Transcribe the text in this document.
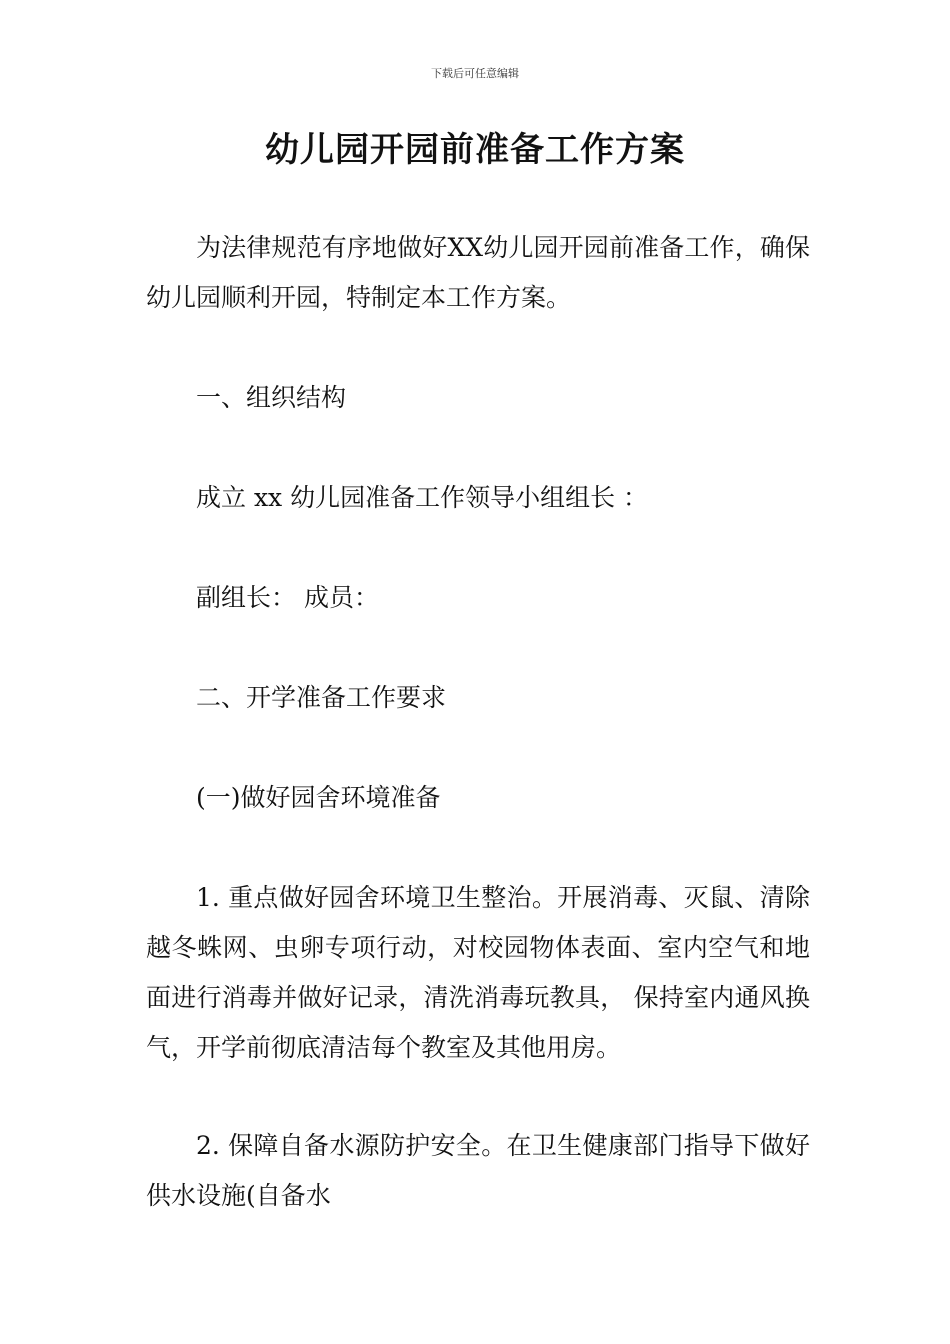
下载后可任意编辑
幼儿园开园前准备工作方案

为法律规范有序地做好XX幼儿园开园前准备工作，确保幼儿园顺利开园，特制定本工作方案。

一、组织结构

成立 xx 幼儿园准备工作领导小组组长 ：

副组长： 成员：

二、开学准备工作要求

(一)做好园舍环境准备

1. 重点做好园舍环境卫生整治。开展消毒、灭鼠、清除越冬蛛网、虫卵专项行动，对校园物体表面、室内空气和地面进行消毒并做好记录，清洗消毒玩教具， 保持室内通风换气，开学前彻底清洁每个教室及其他用房。

2. 保障自备水源防护安全。在卫生健康部门指导下做好供水设施(自备水
